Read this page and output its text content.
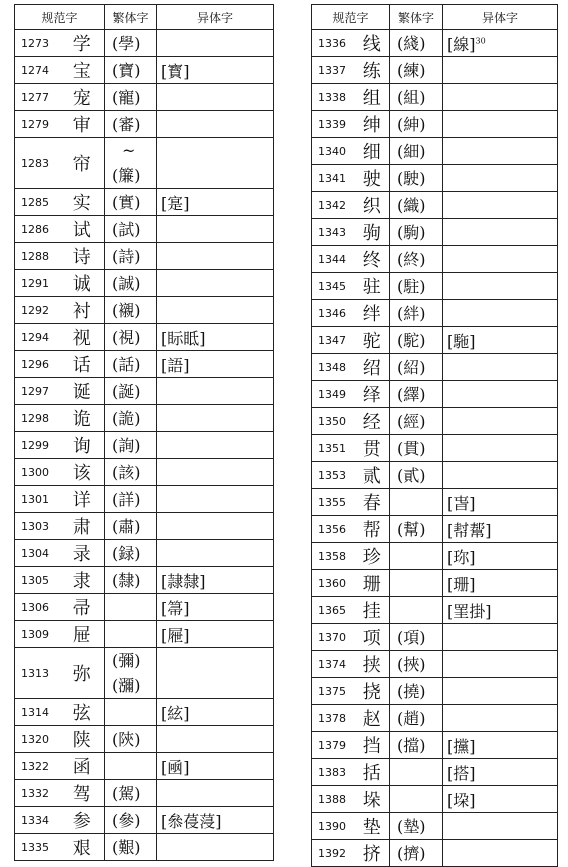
规范字		繁体字	异体字
1273	学	(學)	

1274	宝	(寶)	[寳]
1277	宠	(寵)	

1279	审	(審)	

1283	帘	~
(簾)	

1285	实	(實)	[寔]
1286	试	(試)	

1288	诗	(詩)	

1291	诚	(誠)	

1292	衬	(襯)	

1294	视	(視)	[眎眡]
1296	话	(話)	[語]
1297	诞	(誕)	

1298	诡	(詭)	

1299	询	(詢)	

1300	该	(該)	

1301	详	(詳)	

1303	肃	(肅)	

1304	录	(録)	

1305	隶	(隸)	[隷隸]
1306	帚		[箒]
1309	屉		[屜]
1313	弥	(彌)
(瀰)	

1314	弦		[絃]
1320	陕	(陝)	

1322	函		[凾]
1332	驾	(駕)	

1334	参	(參)	[叅葠蓡]
1335	艰	(艱)	

规范字		繁体字	异体字
1336	线	(綫)	[線]$^{30}$
1337	练	(練)	

1338	组	(組)	

1339	绅	(紳)	

1340	细	(細)	

1341	驶	(駛)	

1342	织	(織)	

1343	驹	(駒)	

1344	终	(終)	

1345	驻	(駐)	

1346	绊	(絆)	

1347	驼	(駝)	[駞]
1348	绍	(紹)	

1349	绎	(繹)	

1350	经	(經)	

1351	贯	(貫)	

1353	贰	(貳)	

1355	春		[旾]
1356	帮	(幫)	[幇幚]
1358	珍		[珎]
1360	珊		[珊]
1365	挂		[罣掛]
1370	项	(項)	

1374	挟	(挾)	

1375	挠	(撓)	

1378	赵	(趙)	

1379	挡	(擋)	[攩]
1383	括		[搭]
1388	垛		[垜]
1390	垫	(墊)	

1392	挤	(擠)	
